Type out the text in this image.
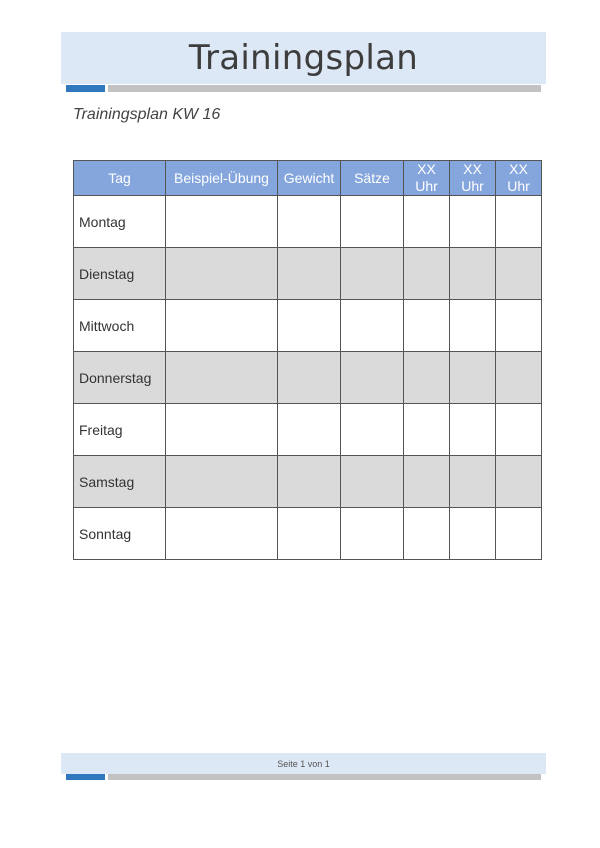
Trainingsplan
Trainingsplan KW 16
Tag	Beispiel-Übung	Gewicht	Sätze	XX Uhr	XX Uhr	XX Uhr
Montag						
Dienstag						
Mittwoch						
Donnerstag						
Freitag						
Samstag						
Sonntag						
Seite 1 von 1
